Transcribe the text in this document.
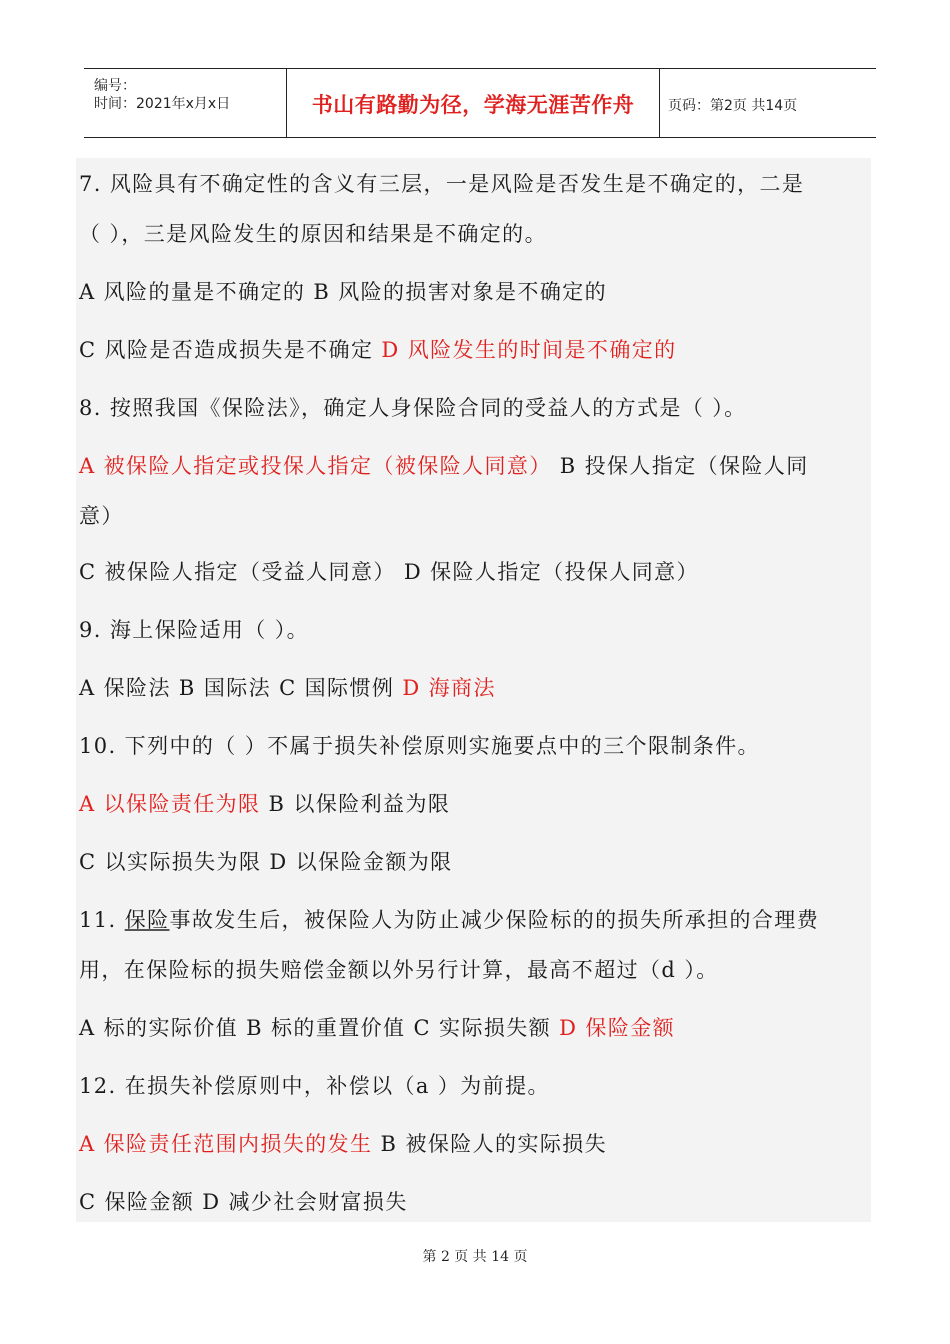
编号：
时间：2021年x月x日	书山有路勤为径，学海无涯苦作舟	页码：第2页 共14页
7. 风险具有不确定性的含义有三层，一是风险是否发生是不确定的，二是
（ ），三是风险发生的原因和结果是不确定的。
A 风险的量是不确定的 B 风险的损害对象是不确定的
C 风险是否造成损失是不确定 D 风险发生的时间是不确定的
8. 按照我国《保险法》，确定人身保险合同的受益人的方式是（ ）。
A 被保险人指定或投保人指定（被保险人同意） B 投保人指定（保险人同
意）
C 被保险人指定（受益人同意） D 保险人指定（投保人同意）
9. 海上保险适用（ ）。
A 保险法 B 国际法 C 国际惯例 D 海商法
10. 下列中的（ ）不属于损失补偿原则实施要点中的三个限制条件。
A 以保险责任为限 B 以保险利益为限
C 以实际损失为限 D 以保险金额为限
11. 保险事故发生后，被保险人为防止减少保险标的的损失所承担的合理费
用，在保险标的损失赔偿金额以外另行计算，最高不超过（d ）。
A 标的实际价值 B 标的重置价值 C 实际损失额 D 保险金额
12. 在损失补偿原则中，补偿以（a ）为前提。
A 保险责任范围内损失的发生 B 被保险人的实际损失
C 保险金额 D 减少社会财富损失
第 2 页 共 14 页
